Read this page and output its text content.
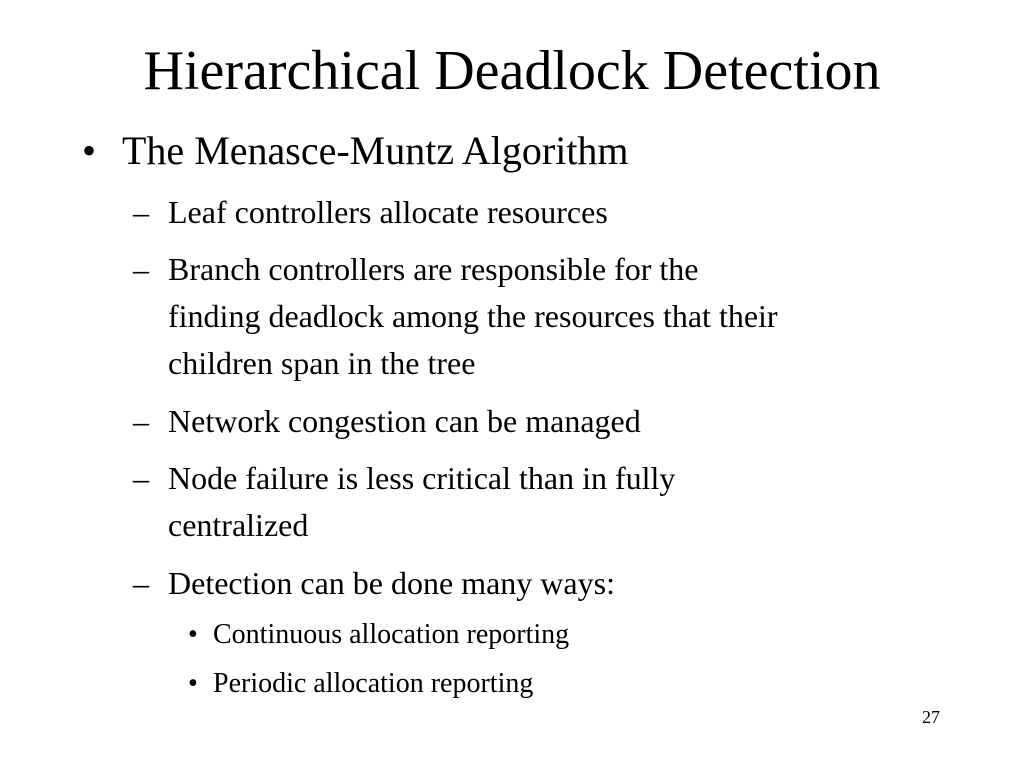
Hierarchical Deadlock Detection
• The Menasce-Muntz Algorithm
– Leaf controllers allocate resources
– Branch controllers are responsible for the
finding deadlock among the resources that their
children span in the tree
– Network congestion can be managed
– Node failure is less critical than in fully
centralized
– Detection can be done many ways:
• Continuous allocation reporting
• Periodic allocation reporting
27
